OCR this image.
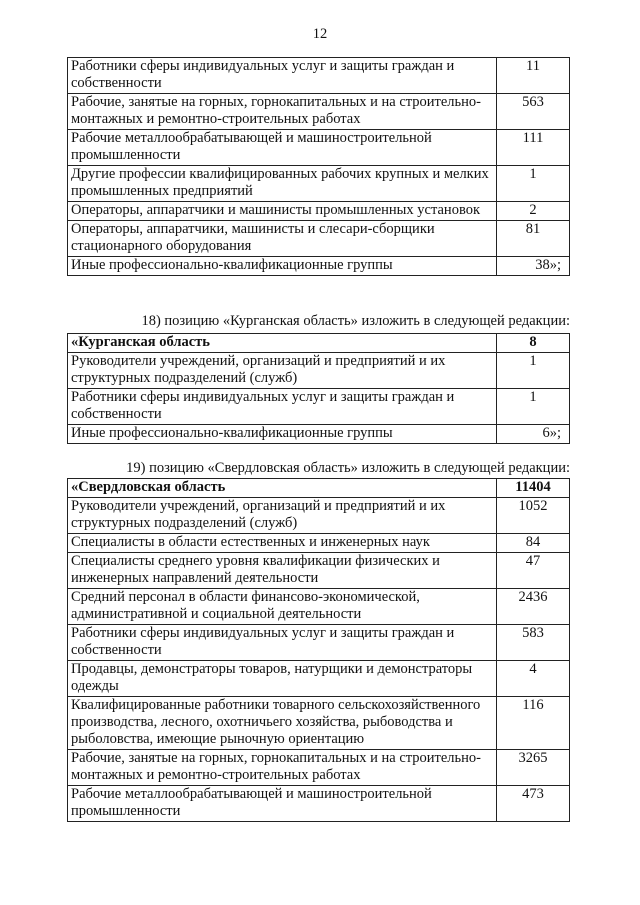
12
Работники сферы индивидуальных услуг и защиты граждан и собственности	11
Рабочие, занятые на горных, горнокапитальных и на строительно-монтажных и ремонтно-строительных работах	563
Рабочие металлообрабатывающей и машиностроительной промышленности	111
Другие профессии квалифицированных рабочих крупных и мелких промышленных предприятий	1
Операторы, аппаратчики и машинисты промышленных установок	2
Операторы, аппаратчики, машинисты и слесари-сборщики стационарного оборудования	81
Иные профессионально-квалификационные группы	38»;
18) позицию «Курганская область» изложить в следующей редакции:
«Курганская область	8
Руководители учреждений, организаций и предприятий и их структурных подразделений (служб)	1
Работники сферы индивидуальных услуг и защиты граждан и собственности	1
Иные профессионально-квалификационные группы	6»;
19) позицию «Свердловская область» изложить в следующей редакции:
«Свердловская область	11404
Руководители учреждений, организаций и предприятий и их структурных подразделений (служб)	1052
Специалисты в области естественных и инженерных наук	84
Специалисты среднего уровня квалификации физических и инженерных направлений деятельности	47
Средний персонал в области финансово-экономической, административной и социальной деятельности	2436
Работники сферы индивидуальных услуг и защиты граждан и собственности	583
Продавцы, демонстраторы товаров, натурщики и демонстраторы одежды	4
Квалифицированные работники товарного сельскохозяйственного производства, лесного, охотничьего хозяйства, рыбоводства и рыболовства, имеющие рыночную ориентацию	116
Рабочие, занятые на горных, горнокапитальных и на строительно-монтажных и ремонтно-строительных работах	3265
Рабочие металлообрабатывающей и машиностроительной промышленности	473
